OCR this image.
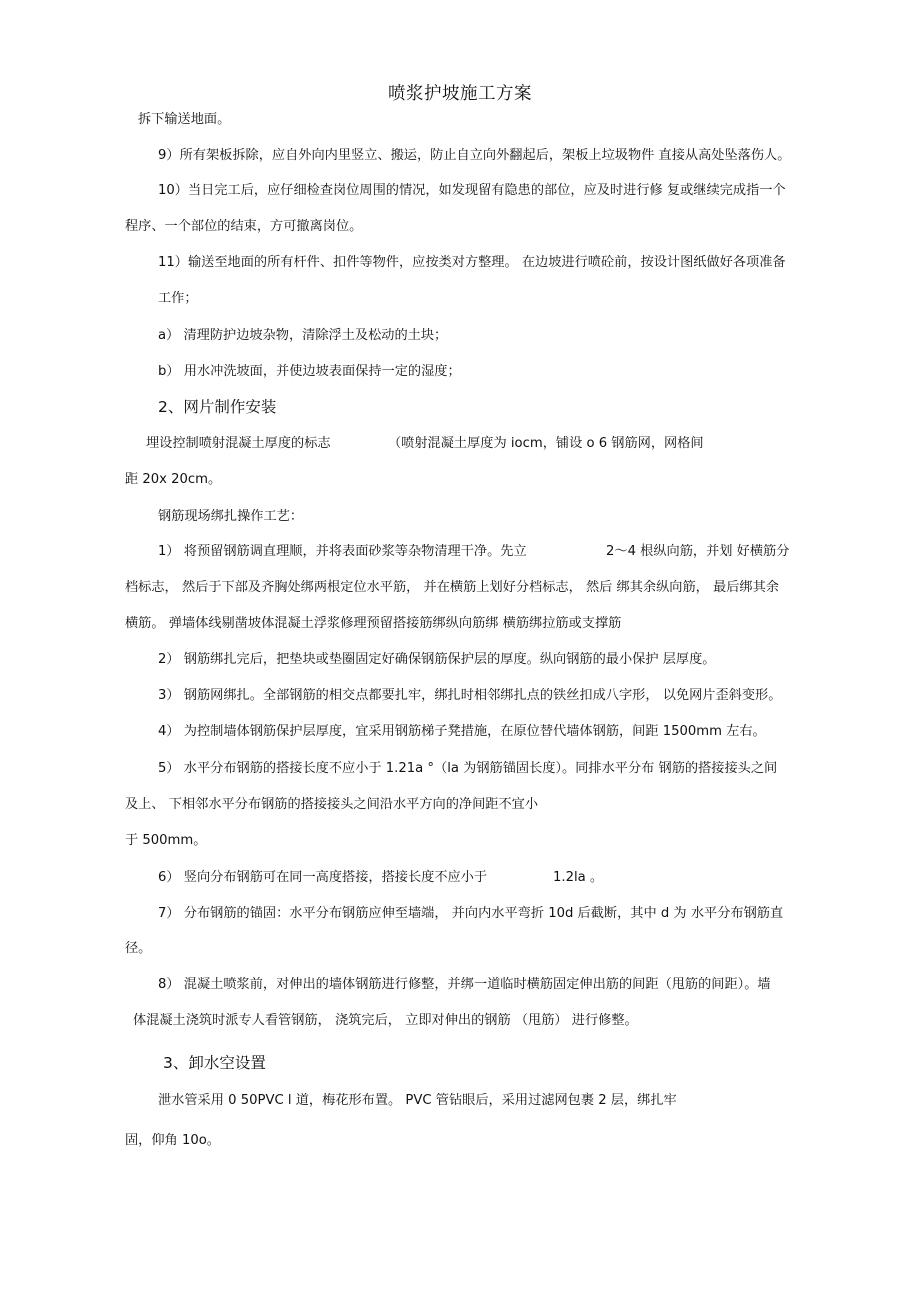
喷浆护坡施工方案
拆下输送地面。
9）所有架板拆除，应自外向内里竖立、搬运，防止自立向外翻起后，架板上垃圾物件 直接从高处坠落伤人。
10）当日完工后，应仔细检查岗位周围的情况，如发现留有隐患的部位，应及时进行修 复或继续完成指一个
程序、一个部位的结束，方可撤离岗位。
11）输送至地面的所有杆件、扣件等物件，应按类对方整理。 在边坡进行喷砼前，按设计图纸做好各项准备
工作；
a） 清理防护边坡杂物，清除浮土及松动的土块；
b） 用水冲洗坡面，并使边坡表面保持一定的湿度；
2、网片制作安装
埋设控制喷射混凝土厚度的标志	（喷射混凝土厚度为 iocm，铺设 o 6 钢筋网，网格间
距 20x 20cm。
钢筋现场绑扎操作工艺：
1） 将预留钢筋调直理顺，并将表面砂浆等杂物清理干净。先立	2〜4 根纵向筋，并划 好横筋分
档标志， 然后于下部及齐胸处绑两根定位水平筋， 并在横筋上划好分档标志， 然后 绑其余纵向筋， 最后绑其余
横筋。 弹墙体线剔凿坡体混凝土浮浆修理预留搭接筋绑纵向筋绑 横筋绑拉筋或支撑筋
2） 钢筋绑扎完后，把垫块或垫圈固定好确保钢筋保护层的厚度。纵向钢筋的最小保护 层厚度。
3） 钢筋网绑扎。全部钢筋的相交点都要扎牢，绑扎时相邻绑扎点的铁丝扣成八字形， 以免网片歪斜变形。
4） 为控制墙体钢筋保护层厚度，宜采用钢筋梯子凳措施，在原位替代墙体钢筋，间距 1500mm 左右。
5） 水平分布钢筋的搭接长度不应小于 1.21a °（la 为钢筋锚固长度）。同排水平分布 钢筋的搭接接头之间
及上、 下相邻水平分布钢筋的搭接接头之间沿水平方向的净间距不宜小
于 500mm。
6） 竖向分布钢筋可在同一高度搭接，搭接长度不应小于	1.2la 。
7） 分布钢筋的锚固：水平分布钢筋应伸至墙端， 并向内水平弯折 10d 后截断，其中 d 为 水平分布钢筋直
径。
8） 混凝土喷浆前，对伸出的墙体钢筋进行修整，并绑一道临时横筋固定伸出筋的间距（甩筋的间距）。墙
体混凝土浇筑时派专人看管钢筋， 浇筑完后， 立即对伸出的钢筋 （甩筋） 进行修整。
3、卸水空设置
泄水管采用 0 50PVC l 道，梅花形布置。 PVC 管钻眼后，采用过滤网包裹 2 层，绑扎牢
固，仰角 10o。
